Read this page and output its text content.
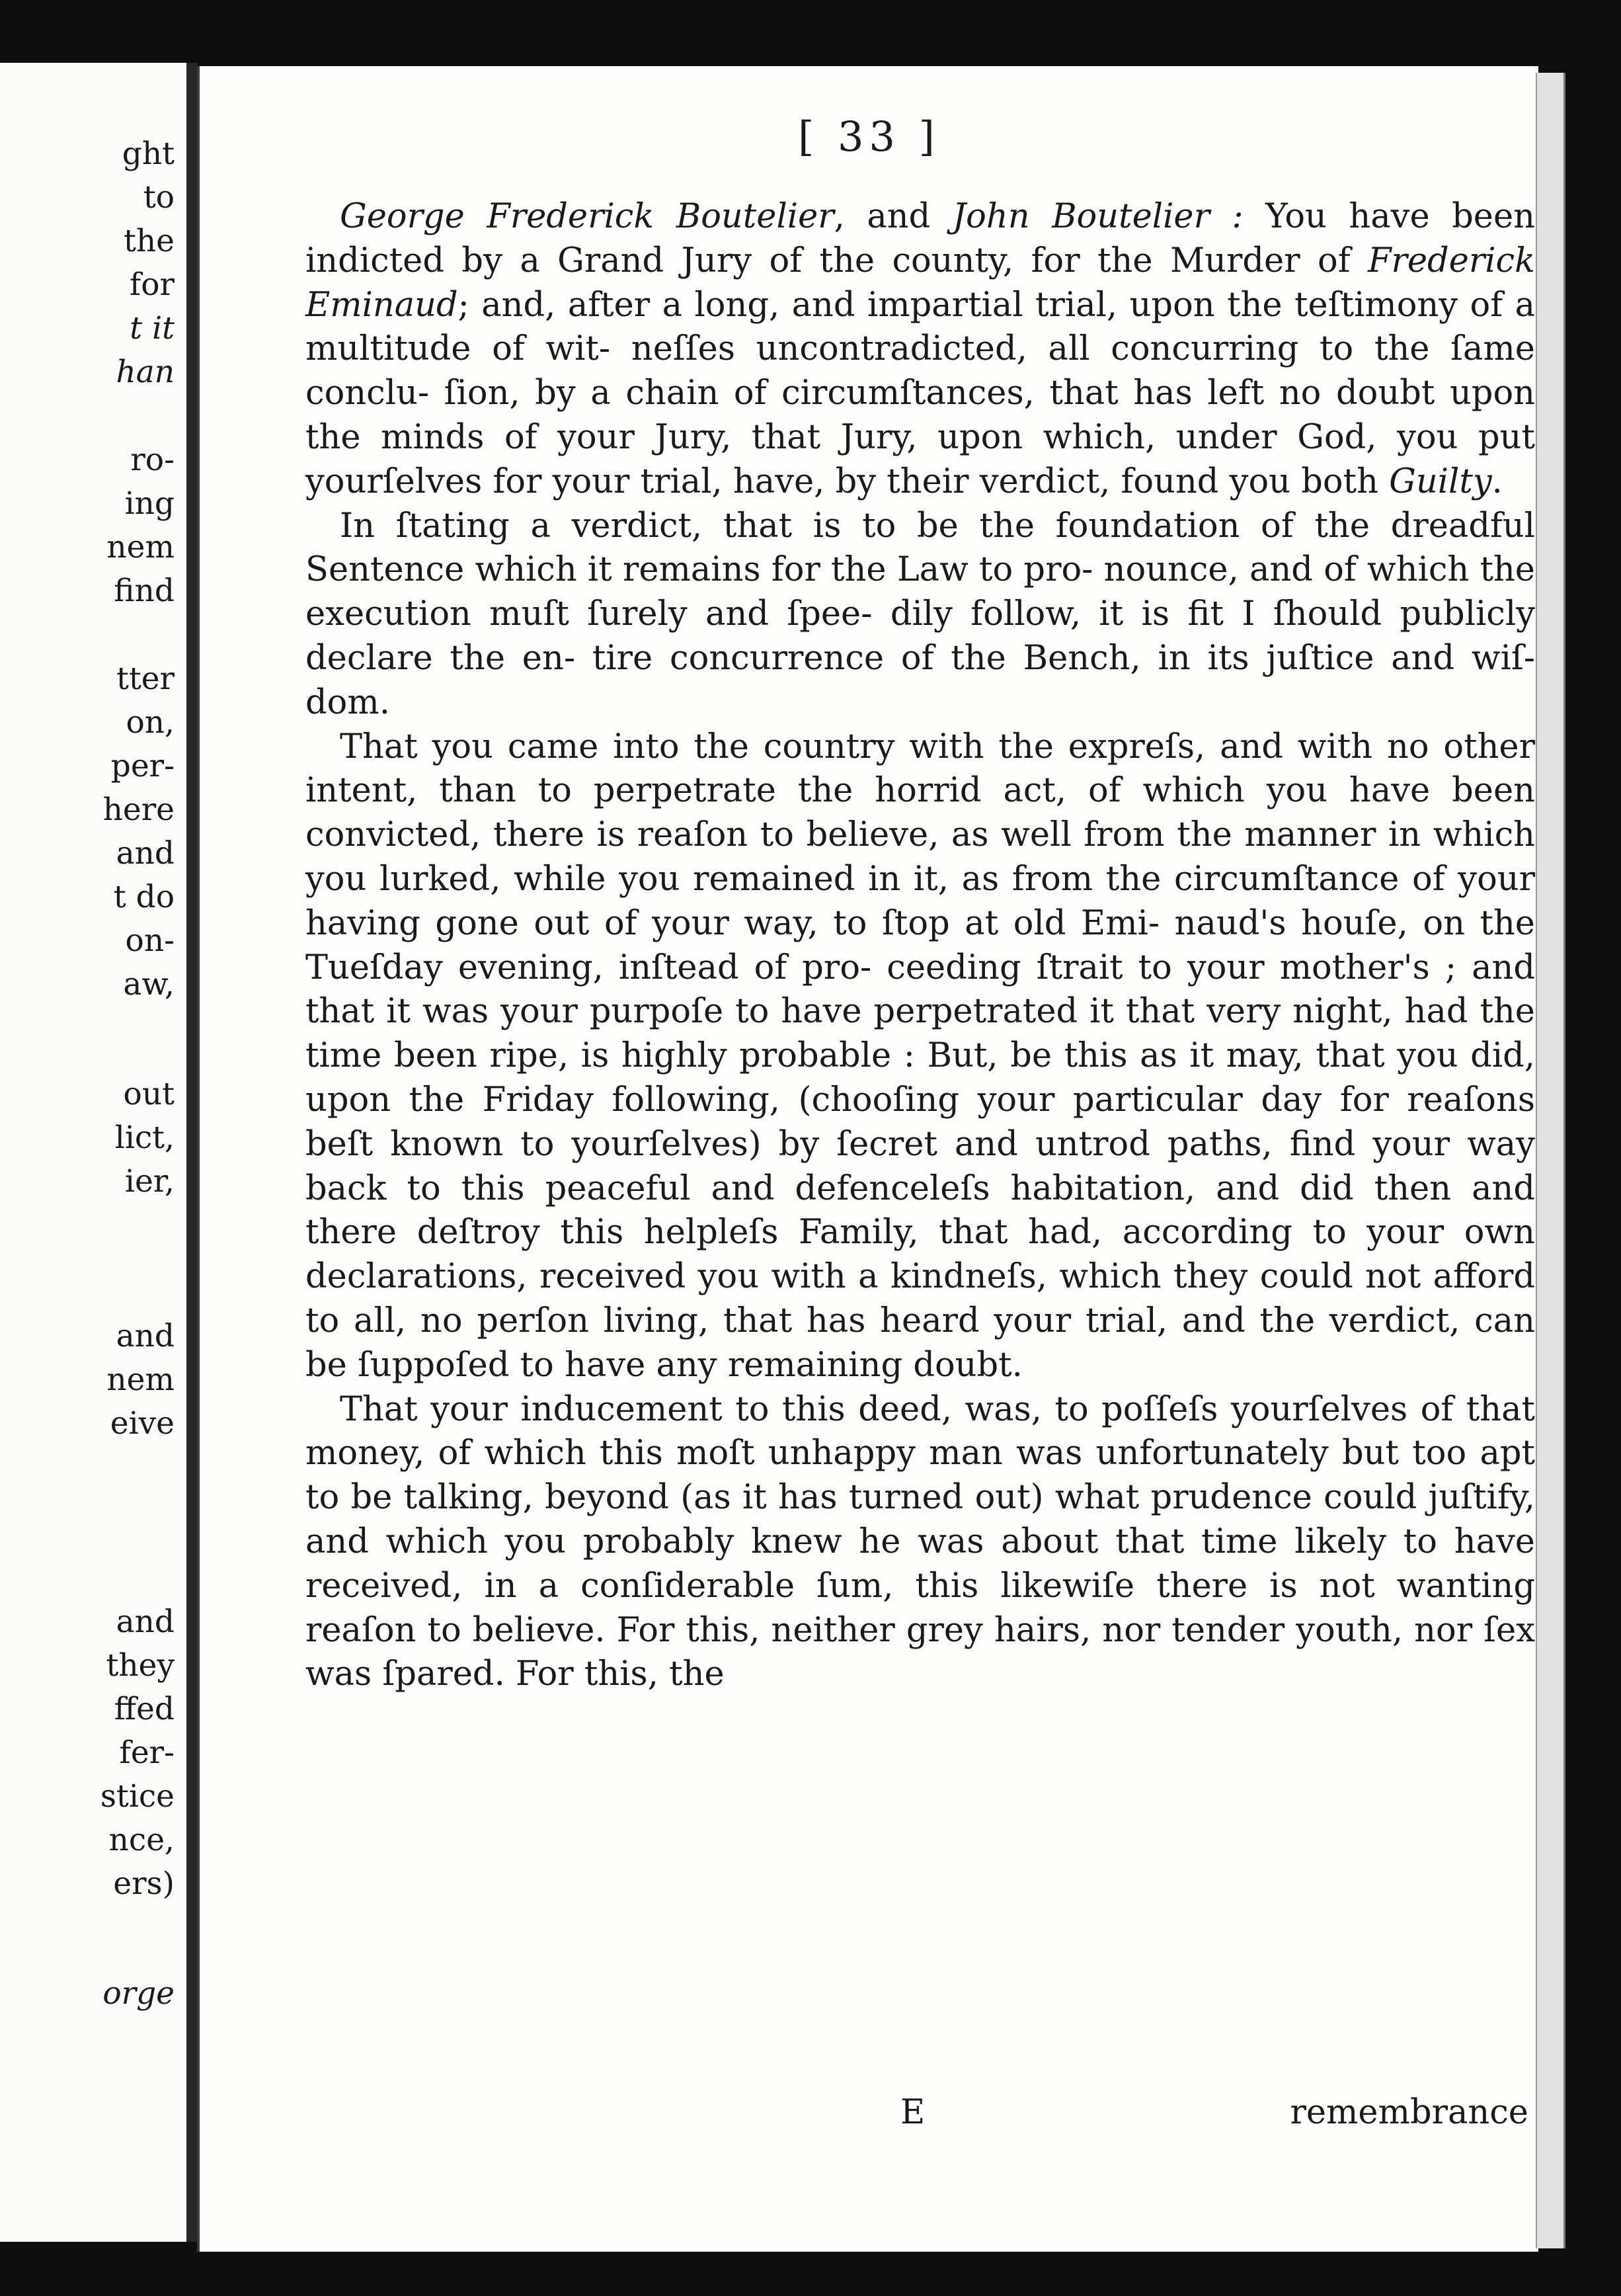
ght
to
the
for
t it
han
ro-
ing
nem
find
tter
on,
per-
here
and
t do
on-
aw,
out
lict,
ier,
and
nem
eive
and
they
ffed
fer-
stice
nce,
ers)
orge
[ 33 ]

George Frederick Boutelier, and John Boutelier : You have been indicted by a Grand Jury of the county, for the Murder of Frederick Eminaud; and, after a long, and impartial trial, upon the teſtimony of a multitude of wit- neſſes uncontradicted, all concurring to the ſame conclu- ſion, by a chain of circumſtances, that has left no doubt upon the minds of your Jury, that Jury, upon which, under God, you put yourſelves for your trial, have, by their verdict, found you both Guilty.

In ſtating a verdict, that is to be the foundation of the dreadful Sentence which it remains for the Law to pro- nounce, and of which the execution muſt ſurely and ſpee- dily follow, it is fit I ſhould publicly declare the en- tire concurrence of the Bench, in its juſtice and wiſ- dom.

That you came into the country with the expreſs, and with no other intent, than to perpetrate the horrid act, of which you have been convicted, there is reaſon to believe, as well from the manner in which you lurked, while you remained in it, as from the circumſtance of your having gone out of your way, to ſtop at old Emi- naud's houſe, on the Tueſday evening, inſtead of pro- ceeding ſtrait to your mother's ; and that it was your purpoſe to have perpetrated it that very night, had the time been ripe, is highly probable : But, be this as it may, that you did, upon the Friday following, (chooſing your particular day for reaſons beſt known to yourſelves) by ſecret and untrod paths, find your way back to this peaceful and defenceleſs habitation, and did then and there deſtroy this helpleſs Family, that had, according to your own declarations, received you with a kindneſs, which they could not afford to all, no perſon living, that has heard your trial, and the verdict, can be ſuppoſed to have any remaining doubt.

That your inducement to this deed, was, to poſſeſs yourſelves of that money, of which this moſt unhappy man was unfortunately but too apt to be talking, beyond (as it has turned out) what prudence could juſtify, and which you probably knew he was about that time likely to have received, in a conſiderable ſum, this likewiſe there is not wanting reaſon to believe. For this, neither grey hairs, nor tender youth, nor ſex was ſpared. For this, the

E	remembrance
